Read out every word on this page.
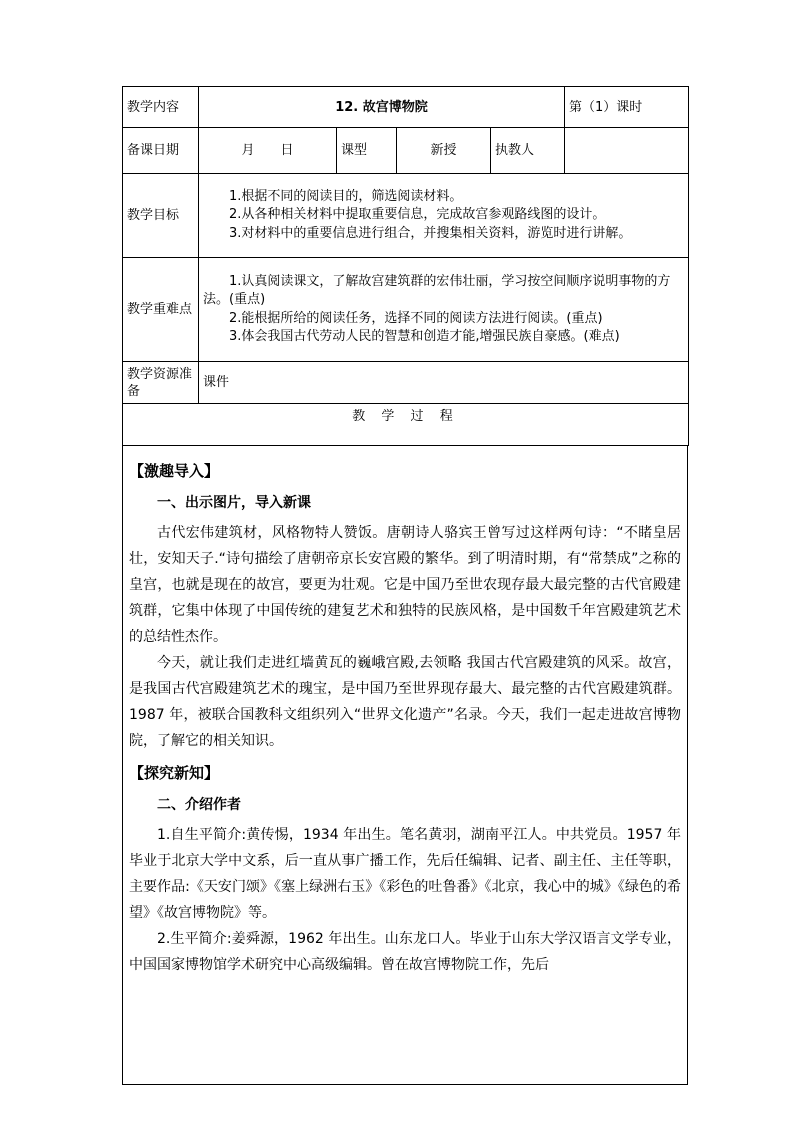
教学内容	12. 故宫博物院				第（1）课时
备课日期	月　　日	课型	新授	执教人	
教学目标	1.根据不同的阅读目的，筛选阅读材料。

2.从各种相关材料中提取重要信息，完成故宫参观路线图的设计。

3.对材料中的重要信息进行组合，并搜集相关资料，游览时进行讲解。				

教学重难点	1.认真阅读课文，了解故宫建筑群的宏伟壮丽，学习按空间顺序说明事物的方法。(重点)

2.能根据所给的阅读任务，选择不同的阅读方法进行阅读。(重点)

3.体会我国古代劳动人民的智慧和创造才能,增强民族自豪感。(难点)				

教学资源准备	课件				
教 学 过 程					
【激趣导入】
一、出示图片，导入新课

古代宏伟建筑材，风格物特人赞饭。唐朝诗人骆宾王曾写过这样两句诗：“不睹皇居壮，安知天子.“诗句描绘了唐朝帝京长安宫殿的繁华。到了明清时期，有“常禁成”之称的皇宫，也就是现在的故宫，要更为壮观。它是中国乃至世农现存最大最完整的古代官殿建筑群，它集中体现了中国传统的建复艺术和独特的民族风格，是中国数千年宫殿建筑艺术的总结性杰作。

今天，就让我们走进红墙黄瓦的巍峨宫殿,去领略 我国古代宫殿建筑的风采。故宫，是我国古代宫殿建筑艺术的瑰宝，是中国乃至世界现存最大、最完整的古代宫殿建筑群。1987 年，被联合国教科文组织列入“世界文化遗产”名录。今天，我们一起走进故宫博物院，了解它的相关知识。

【探究新知】
二、介绍作者

1.自生平简介:黄传惕，1934 年出生。笔名黄羽，湖南平江人。中共党员。1957 年毕业于北京大学中文系，后一直从事广播工作，先后任编辑、记者、副主任、主任等职，主要作品:《天安门颂》《塞上绿洲右玉》《彩色的吐鲁番》《北京，我心中的城》《绿色的希望》《故宫博物院》等。

2.生平简介:姜舜源，1962 年出生。山东龙口人。毕业于山东大学汉语言文学专业，中国国家博物馆学术研究中心高级编辑。曾在故宫博物院工作，先后
